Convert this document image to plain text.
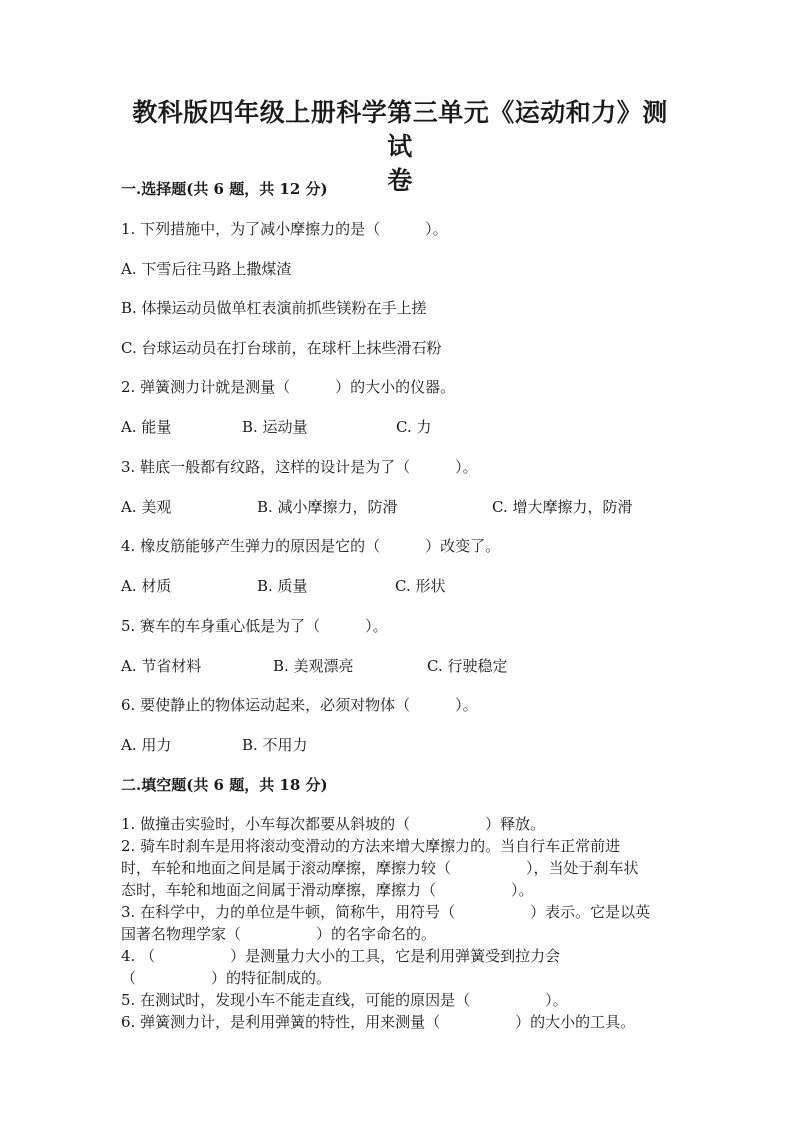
教科版四年级上册科学第三单元《运动和力》测试
卷
一.选择题(共 6 题，共 12 分)
1. 下列措施中，为了减小摩擦力的是（　　　）。
A. 下雪后往马路上撒煤渣
B. 体操运动员做单杠表演前抓些镁粉在手上搓
C. 台球运动员在打台球前，在球杆上抹些滑石粉
2. 弹簧测力计就是测量（　　　）的大小的仪器。
A. 能量	B. 运动量	C. 力
3. 鞋底一般都有纹路，这样的设计是为了（　　　）。
A. 美观	B. 减小摩擦力，防滑	C. 增大摩擦力，防滑
4. 橡皮筋能够产生弹力的原因是它的（　　　）改变了。
A. 材质	B. 质量	C. 形状
5. 赛车的车身重心低是为了（　　　）。
A. 节省材料	B. 美观漂亮	C. 行驶稳定
6. 要使静止的物体运动起来，必须对物体（　　　）。
A. 用力	B. 不用力
二.填空题(共 6 题，共 18 分)
1. 做撞击实验时，小车每次都要从斜坡的（　　　　　）释放。
2. 骑车时刹车是用将滚动变滑动的方法来增大摩擦力的。当自行车正常前进
时，车轮和地面之间是属于滚动摩擦，摩擦力较（　　　　　），当处于刹车状
态时，车轮和地面之间属于滑动摩擦，摩擦力（　　　　　）。
3. 在科学中，力的单位是牛顿，简称牛，用符号（　　　　　）表示。它是以英
国著名物理学家（　　　　　）的名字命名的。
4. （　　　　　）是测量力大小的工具，它是利用弹簧受到拉力会
（　　　　　）的特征制成的。
5. 在测试时，发现小车不能走直线，可能的原因是（　　　　　）。
6. 弹簧测力计，是利用弹簧的特性，用来测量（　　　　　）的大小的工具。
